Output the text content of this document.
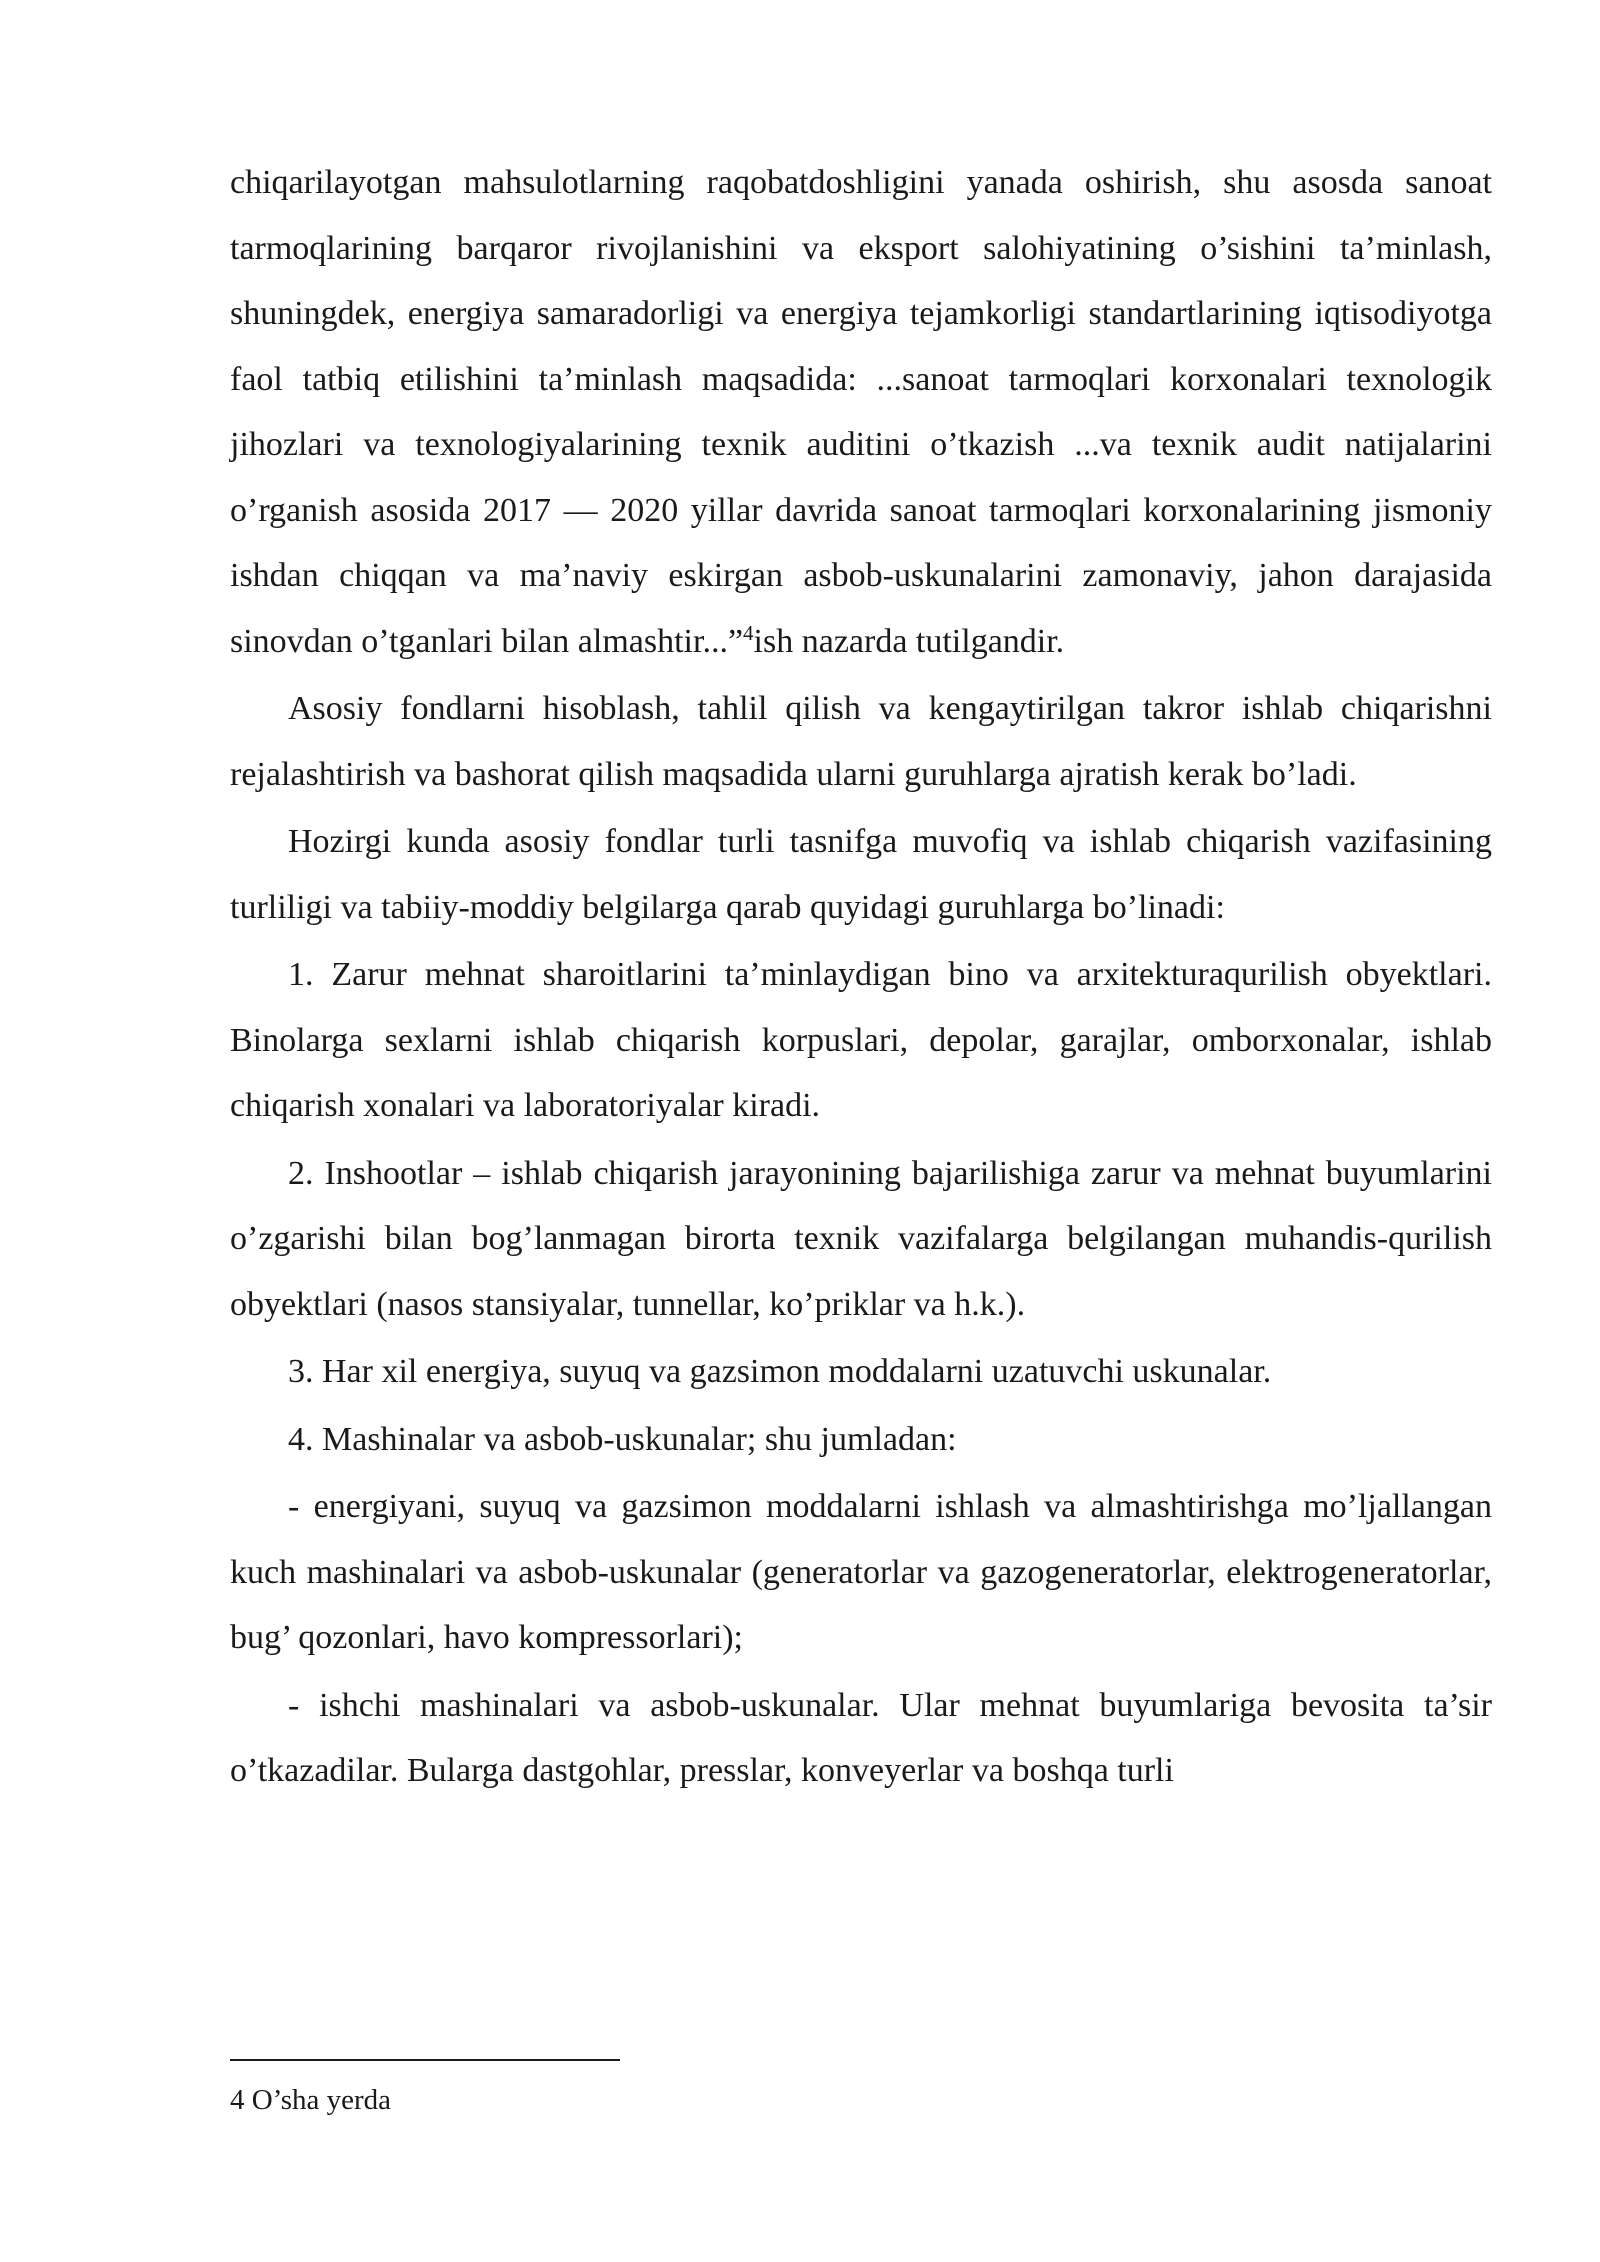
chiqarilayotgan mahsulotlarning raqobatdoshligini yanada oshirish, shu asosda sanoat tarmoqlarining barqaror rivojlanishini va eksport salohiyatining o’sishini ta’minlash, shuningdek, energiya samaradorligi va energiya tejamkorligi standartlarining iqtisodiyotga faol tatbiq etilishini ta’minlash maqsadida: ...sanoat tarmoqlari korxonalari texnologik jihozlari va texnologiyalarining texnik auditini o’tkazish ...va texnik audit natijalarini o’rganish asosida 2017 — 2020 yillar davrida sanoat tarmoqlari korxonalarining jismoniy ishdan chiqqan va ma’naviy eskirgan asbob-uskunalarini zamonaviy, jahon darajasida sinovdan o’tganlari bilan almashtir...”$^4$ish nazarda tutilgandir.

Asosiy fondlarni hisoblash, tahlil qilish va kengaytirilgan takror ishlab chiqarishni rejalashtirish va bashorat qilish maqsadida ularni guruhlarga ajratish kerak bo’ladi.

Hozirgi kunda asosiy fondlar turli tasnifga muvofiq va ishlab chiqarish vazifasining turliligi va tabiiy-moddiy belgilarga qarab quyidagi guruhlarga bo’linadi:

1. Zarur mehnat sharoitlarini ta’minlaydigan bino va arxitekturaqurilish obyektlari. Binolarga sexlarni ishlab chiqarish korpuslari, depolar, garajlar, omborxonalar, ishlab chiqarish xonalari va laboratoriyalar kiradi.

2. Inshootlar – ishlab chiqarish jarayonining bajarilishiga zarur va mehnat buyumlarini o’zgarishi bilan bog’lanmagan birorta texnik vazifalarga belgilangan muhandis-qurilish obyektlari (nasos stansiyalar, tunnellar, ko’priklar va h.k.).

3. Har xil energiya, suyuq va gazsimon moddalarni uzatuvchi uskunalar.

4. Mashinalar va asbob-uskunalar; shu jumladan:

- energiyani, suyuq va gazsimon moddalarni ishlash va almashtirishga mo’ljallangan kuch mashinalari va asbob-uskunalar (generatorlar va gazogeneratorlar, elektrogeneratorlar, bug’ qozonlari, havo kompressorlari);

- ishchi mashinalari va asbob-uskunalar. Ular mehnat buyumlariga bevosita ta’sir o’tkazadilar. Bularga dastgohlar, presslar, konveyerlar va boshqa turli

4 O’sha yerda
